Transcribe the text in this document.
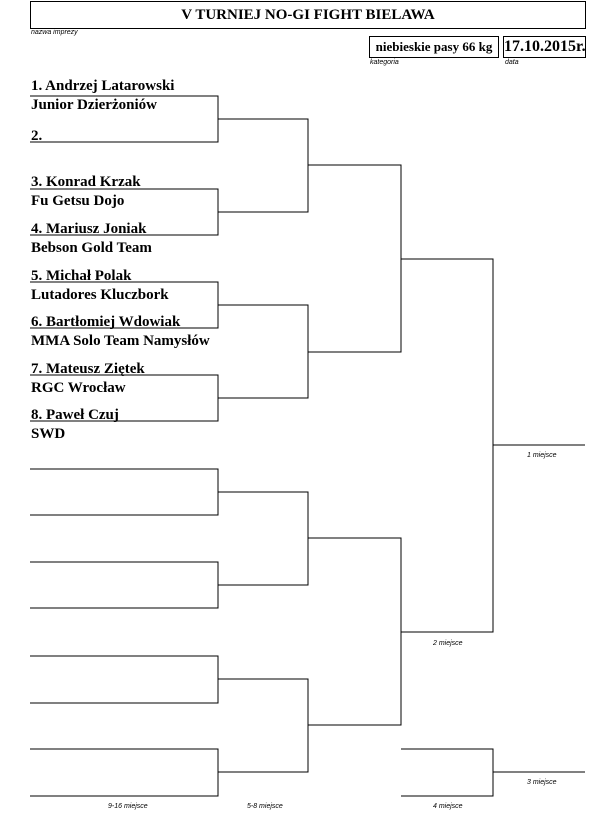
V TURNIEJ NO-GI FIGHT BIELAWA
nazwa imprezy
niebieskie pasy 66 kg
kategoria
17.10.2015r.
data
1. Andrzej Latarowski
Junior Dzierżoniów
2.
3. Konrad Krzak
Fu Getsu Dojo
4. Mariusz Joniak
Bebson Gold Team
5. Michał Polak
Lutadores Kluczbork
6. Bartłomiej Wdowiak
MMA Solo Team Namysłów
7. Mateusz Ziętek
RGC Wrocław
8. Paweł Czuj
SWD
1 miejsce
2 miejsce
3 miejsce
4 miejsce
5-8 miejsce
9-16 miejsce
